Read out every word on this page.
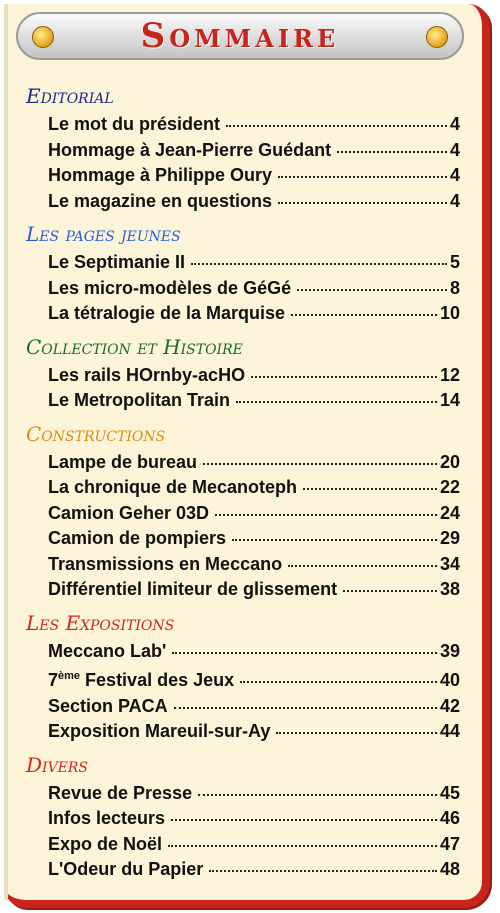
Sommaire
Editorial
Le mot du président	4
Hommage à Jean-Pierre Guédant	4
Hommage à Philippe Oury	4
Le magazine en questions	4
Les pages jeunes
Le Septimanie II	5
Les micro-modèles de GéGé	8
La tétralogie de la Marquise	10
Collection et Histoire
Les rails HOrnby-acHO	12
Le Metropolitan Train	14
Constructions
Lampe de bureau	20
La chronique de Mecanoteph	22
Camion Geher 03D	24
Camion de pompiers	29
Transmissions en Meccano	34
Différentiel limiteur de glissement	38
Les Expositions
Meccano Lab'	39
7ème Festival des Jeux	40
Section PACA	42
Exposition Mareuil-sur-Ay	44
Divers
Revue de Presse	45
Infos lecteurs	46
Expo de Noël	47
L'Odeur du Papier	48
